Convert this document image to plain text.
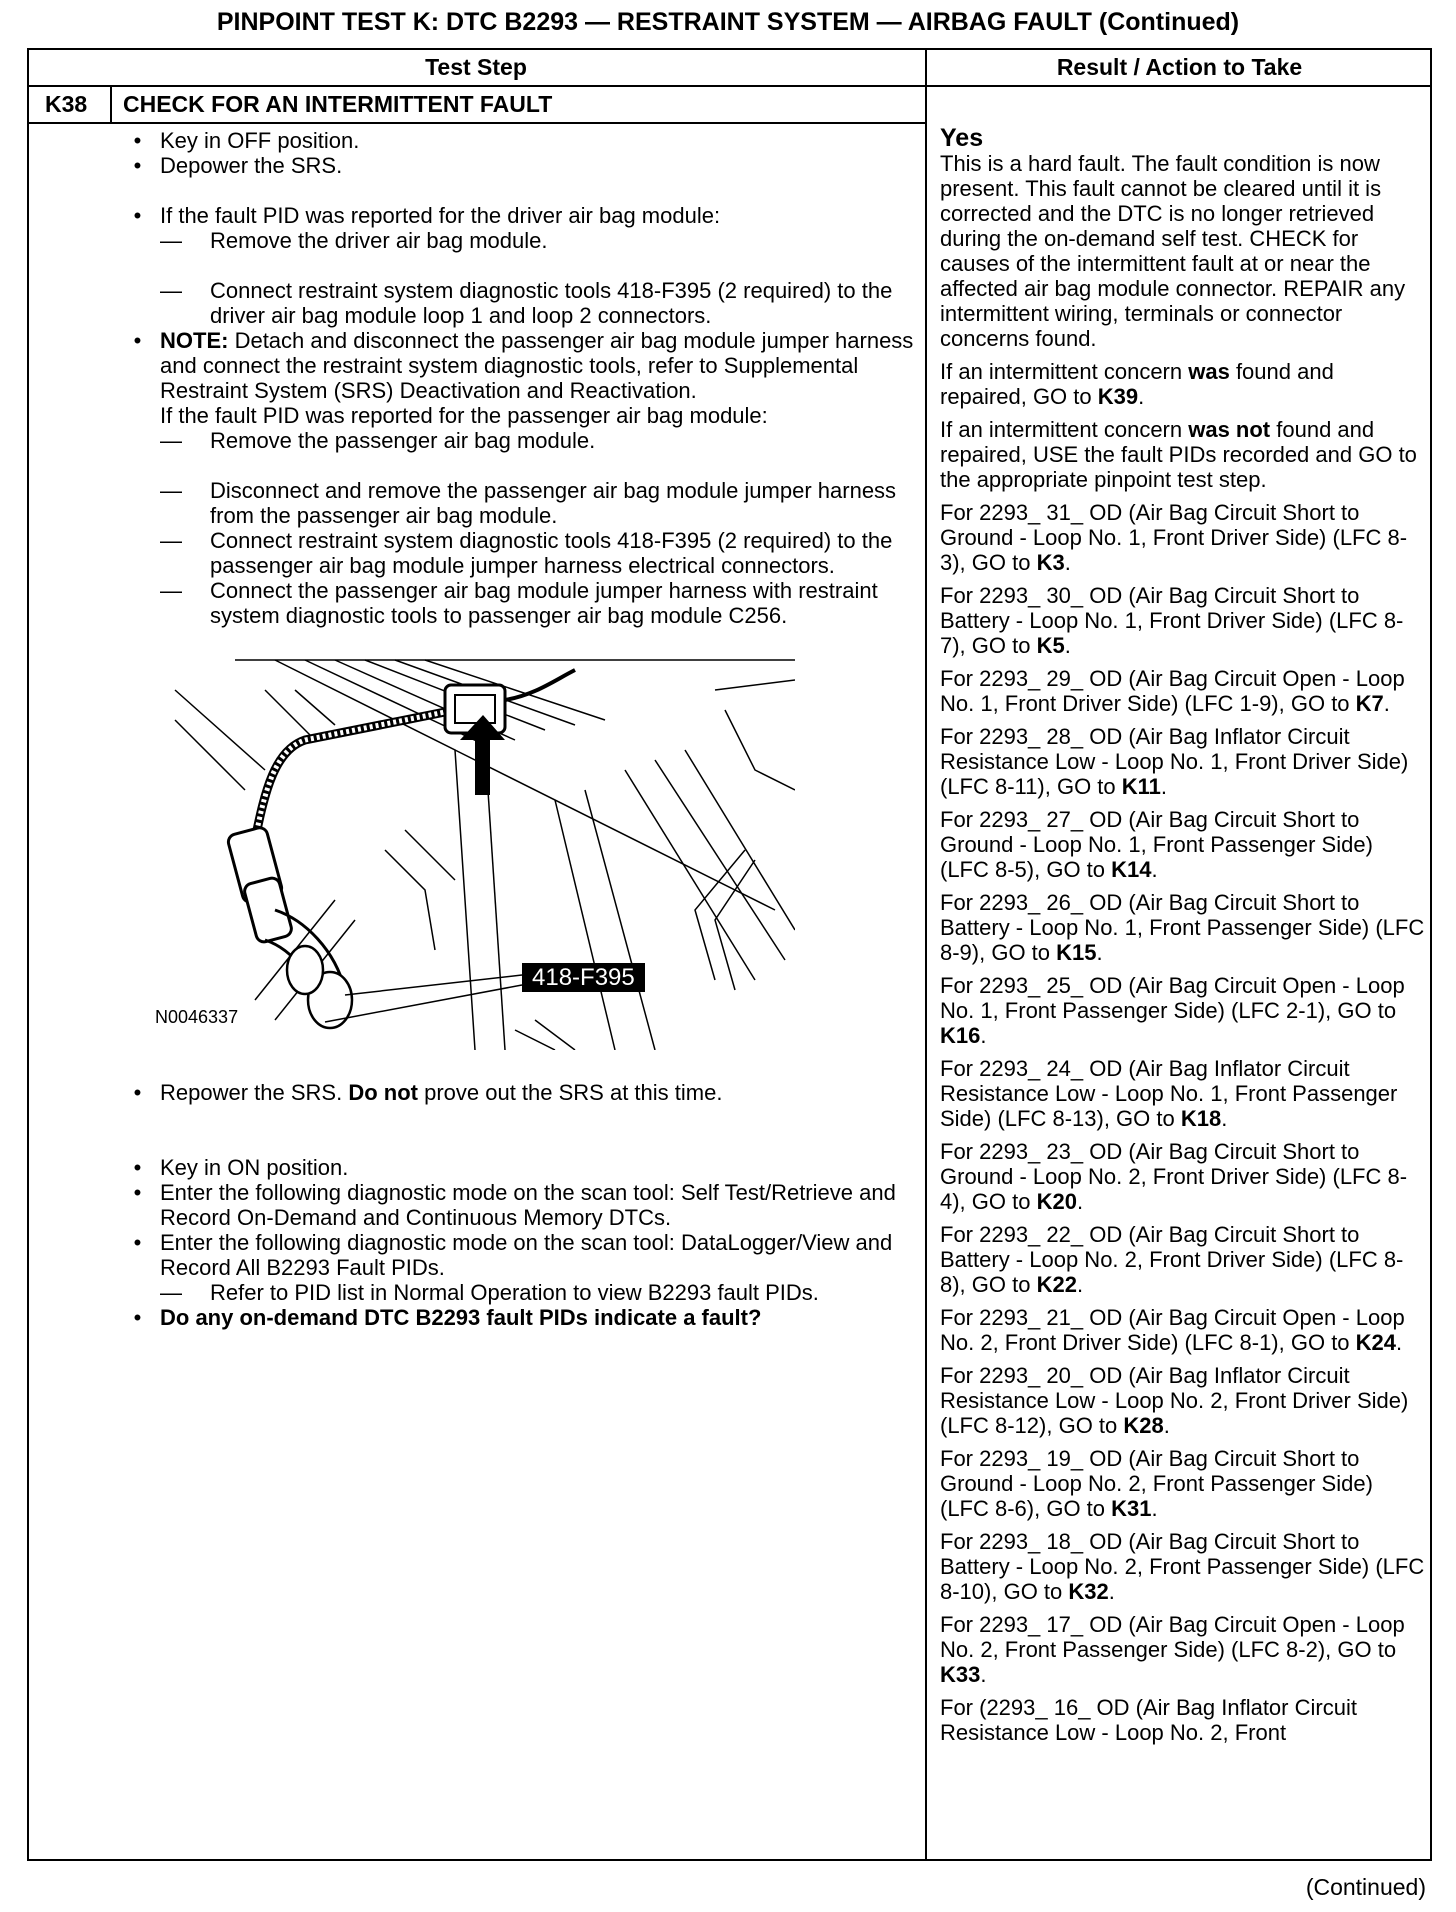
PINPOINT TEST K: DTC B2293 — RESTRAINT SYSTEM — AIRBAG FAULT (Continued)
Test Step	Result / Action to Take
K38 CHECK FOR AN INTERMITTENT FAULT
• Key in OFF position.
• Depower the SRS.
• If the fault PID was reported for the driver air bag module:
—	Remove the driver air bag module.
—	Connect restraint system diagnostic tools 418-F395 (2 required) to the driver air bag module loop 1 and loop 2 connectors.
• NOTE: Detach and disconnect the passenger air bag module jumper harness and connect the restraint system diagnostic tools, refer to Supplemental Restraint System (SRS) Deactivation and Reactivation.
If the fault PID was reported for the passenger air bag module:
—	Remove the passenger air bag module.
—	Disconnect and remove the passenger air bag module jumper harness from the passenger air bag module.
—	Connect restraint system diagnostic tools 418-F395 (2 required) to the passenger air bag module jumper harness electrical connectors.
—	Connect the passenger air bag module jumper harness with restraint system diagnostic tools to passenger air bag module C256.
418-F395
N0046337
• Repower the SRS. Do not prove out the SRS at this time.
• Key in ON position.
• Enter the following diagnostic mode on the scan tool: Self Test/Retrieve and Record On-Demand and Continuous Memory DTCs.
• Enter the following diagnostic mode on the scan tool: DataLogger/View and Record All B2293 Fault PIDs.
—	Refer to PID list in Normal Operation to view B2293 fault PIDs.
• Do any on-demand DTC B2293 fault PIDs indicate a fault?
Yes

This is a hard fault. The fault condition is now present. This fault cannot be cleared until it is corrected and the DTC is no longer retrieved during the on-demand self test. CHECK for causes of the intermittent fault at or near the affected air bag module connector. REPAIR any intermittent wiring, terminals or connector concerns found.

If an intermittent concern was found and repaired, GO to K39.

If an intermittent concern was not found and repaired, USE the fault PIDs recorded and GO to the appropriate pinpoint test step.

For 2293_ 31_ OD (Air Bag Circuit Short to Ground - Loop No. 1, Front Driver Side) (LFC 8-3), GO to K3.

For 2293_ 30_ OD (Air Bag Circuit Short to Battery - Loop No. 1, Front Driver Side) (LFC 8-7), GO to K5.

For 2293_ 29_ OD (Air Bag Circuit Open - Loop No. 1, Front Driver Side) (LFC 1-9), GO to K7.

For 2293_ 28_ OD (Air Bag Inflator Circuit Resistance Low - Loop No. 1, Front Driver Side) (LFC 8-11), GO to K11.

For 2293_ 27_ OD (Air Bag Circuit Short to Ground - Loop No. 1, Front Passenger Side) (LFC 8-5), GO to K14.

For 2293_ 26_ OD (Air Bag Circuit Short to Battery - Loop No. 1, Front Passenger Side) (LFC 8-9), GO to K15.

For 2293_ 25_ OD (Air Bag Circuit Open - Loop No. 1, Front Passenger Side) (LFC 2-1), GO to K16.

For 2293_ 24_ OD (Air Bag Inflator Circuit Resistance Low - Loop No. 1, Front Passenger Side) (LFC 8-13), GO to K18.

For 2293_ 23_ OD (Air Bag Circuit Short to Ground - Loop No. 2, Front Driver Side) (LFC 8-4), GO to K20.

For 2293_ 22_ OD (Air Bag Circuit Short to Battery - Loop No. 2, Front Driver Side) (LFC 8-8), GO to K22.

For 2293_ 21_ OD (Air Bag Circuit Open - Loop No. 2, Front Driver Side) (LFC 8-1), GO to K24.

For 2293_ 20_ OD (Air Bag Inflator Circuit Resistance Low - Loop No. 2, Front Driver Side) (LFC 8-12), GO to K28.

For 2293_ 19_ OD (Air Bag Circuit Short to Ground - Loop No. 2, Front Passenger Side) (LFC 8-6), GO to K31.

For 2293_ 18_ OD (Air Bag Circuit Short to Battery - Loop No. 2, Front Passenger Side) (LFC 8-10), GO to K32.

For 2293_ 17_ OD (Air Bag Circuit Open - Loop No. 2, Front Passenger Side) (LFC 8-2), GO to K33.

For (2293_ 16_ OD (Air Bag Inflator Circuit Resistance Low - Loop No. 2, Front

(Continued)
